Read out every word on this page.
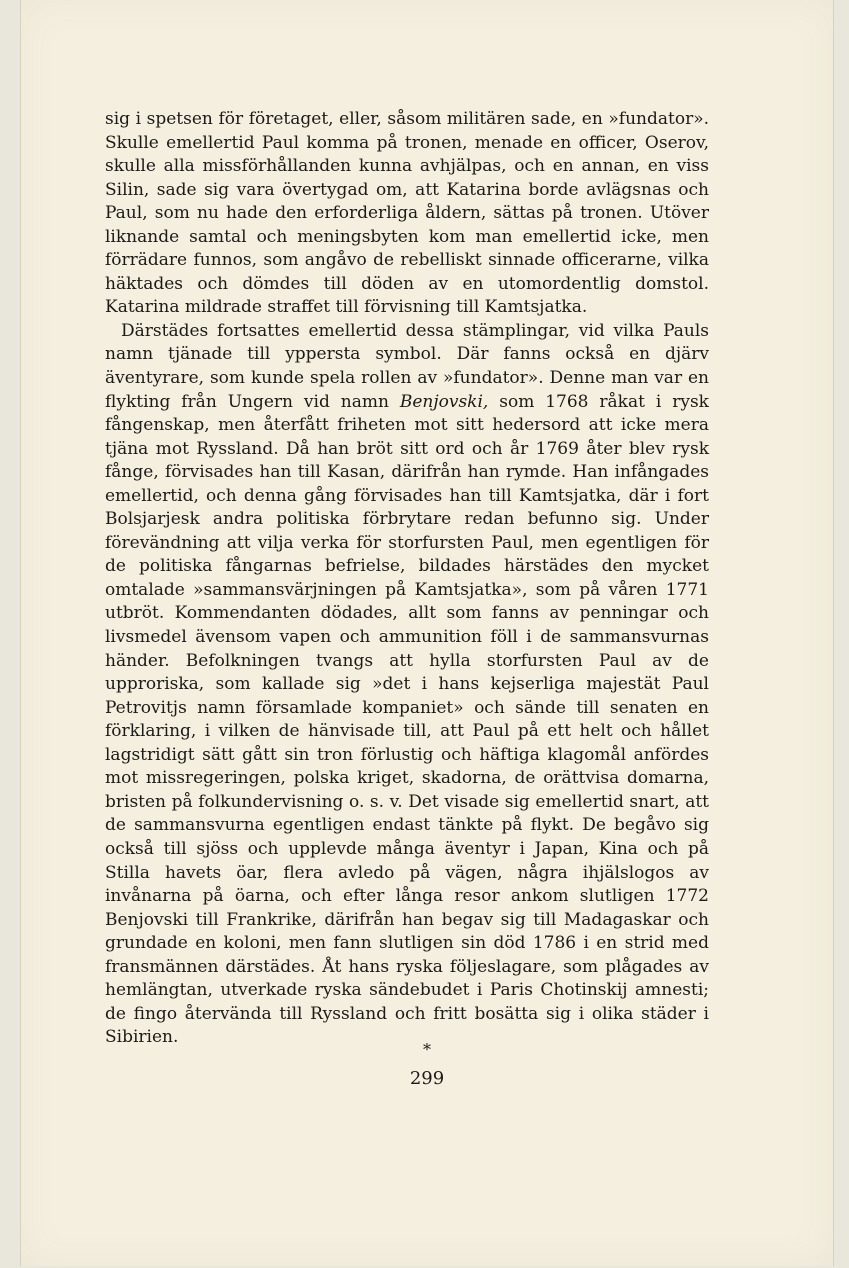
sig i spetsen för företaget, eller, såsom militären sade, en »fundator». Skulle emellertid Paul komma på tronen, menade en officer, Oserov, skulle alla missförhållanden kunna avhjälpas, och en annan, en viss Silin, sade sig vara övertygad om, att Katarina borde avlägsnas och Paul, som nu hade den erforderliga åldern, sättas på tronen. Utöver liknande samtal och meningsbyten kom man emellertid icke, men förrädare funnos, som angåvo de rebelliskt sinnade officerarne, vilka häktades och dömdes till döden av en utomordentlig domstol. Katarina mildrade straffet till förvisning till Kamtsjatka.

Därstädes fortsattes emellertid dessa stämplingar, vid vilka Pauls namn tjänade till yppersta symbol. Där fanns också en djärv äventyrare, som kunde spela rollen av »fundator». Denne man var en flykting från Ungern vid namn Benjovski, som 1768 råkat i rysk fångenskap, men återfått friheten mot sitt hedersord att icke mera tjäna mot Ryssland. Då han bröt sitt ord och år 1769 åter blev rysk fånge, förvisades han till Kasan, därifrån han rymde. Han infångades emellertid, och denna gång förvisades han till Kamtsjatka, där i fort Bolsjarjesk andra politiska förbrytare redan befunno sig. Under förevändning att vilja verka för storfursten Paul, men egentligen för de politiska fångarnas befrielse, bildades härstädes den mycket omtalade »sammansvärjningen på Kamtsjatka», som på våren 1771 utbröt. Kommendanten dödades, allt som fanns av penningar och livsmedel ävensom vapen och ammunition föll i de sammansvurnas händer. Befolkningen tvangs att hylla storfursten Paul av de upproriska, som kallade sig »det i hans kejserliga majestät Paul Petrovitjs namn församlade kompaniet» och sände till senaten en förklaring, i vilken de hänvisade till, att Paul på ett helt och hållet lagstridigt sätt gått sin tron förlustig och häftiga klagomål anfördes mot missregeringen, polska kriget, skadorna, de orättvisa domarna, bristen på folkundervisning o. s. v. Det visade sig emellertid snart, att de sammansvurna egentligen endast tänkte på flykt. De begåvo sig också till sjöss och upplevde många äventyr i Japan, Kina och på Stilla havets öar, flera avledo på vägen, några ihjälslogos av invånarna på öarna, och efter långa resor ankom slutligen 1772 Benjovski till Frankrike, därifrån han begav sig till Madagaskar och grundade en koloni, men fann slutligen sin död 1786 i en strid med fransmännen därstädes. Åt hans ryska följeslagare, som plågades av hemlängtan, utverkade ryska sändebudet i Paris Chotinskij amnesti; de fingo återvända till Ryssland och fritt bosätta sig i olika städer i Sibirien.

*
299
